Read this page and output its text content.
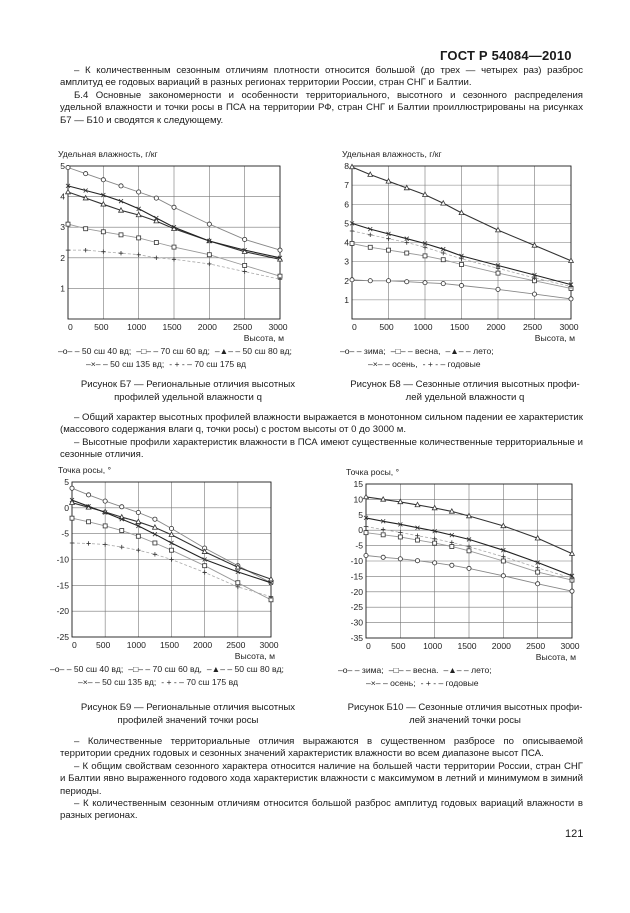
ГОСТ Р 54084—2010

– К количественным сезонным отличиям плотности относится большой (до трех — четырех раз) разброс амплитуд ее годовых вариаций в разных регионах территории России, стран СНГ и Балтии.

Б.4 Основные закономерности и особенности территориального, высотного и сезонного распределения удельной влажности и точки росы в ПСА на территории РФ, стран СНГ и Балтии проиллюстрированы на рисунках Б7 — Б10 и сводятся к следующему.

Удельная влажность, г/кг
1
2
3
4
5
0 500 1000 1500 2000 2500 3000
Высота, м
–о– – 50 сш 40 вд; –□– – 70 сш 60 вд; –▲– – 50 сш 80 вд;
–×– – 50 сш 135 вд; - + - – 70 сш 175 вд
Удельная влажность, г/кг
1
2
3
4
5
6
7
8
0	500 1000 1500 2000 2500 3000
Высота, м
–о– – зима; –□– – весна, –▲– – лето;
–×– – осень, - + - – годовые
Рисунок Б7 — Региональные отличия высотных
профилей удельной влажности q
Рисунок Б8 — Сезонные отличия высотных профи-
лей удельной влажности q

– Общий характер высотных профилей влажности выражается в монотонном сильном падении ее характеристик (массового содержания влаги q, точки росы) с ростом высоты от 0 до 3000 м.

– Высотные профили характеристик влажности в ПСА имеют существенные количественные территориальные и сезонные отличия.

Точка росы, °
-25
-20
-15
-10
-5
0
5
0 500 1000 1500 2000 2500 3000
Высота, м
–о– – 50 сш 40 вд; –□– – 70 сш 60 вд, –▲– – 50 сш 80 вд;
–×– – 50 сш 135 вд; - + - – 70 сш 175 вд
Точка росы, °
-35
-30
-25
-20
-15
-10
-5
0
5
10
15
0 500 1000 1500 2000 2500 3000
Высота, м
–о– – зима; –□– – весна. –▲– – лето;
–×– – осень; - + - – годовые
Рисунок Б9 — Региональные отличия высотных
профилей значений точки росы
Рисунок Б10 — Сезонные отличия высотных профи-
лей значений точки росы

– Количественные территориальные отличия выражаются в существенном разбросе по описываемой территории средних годовых и сезонных значений характеристик влажности во всем диапазоне высот ПСА.

– К общим свойствам сезонного характера относится наличие на большей части территории России, стран СНГ и Балтии явно выраженного годового хода характеристик влажности с максимумом в летний и минимумом в зимний периоды.

– К количественным сезонным отличиям относится большой разброс амплитуд годовых вариаций влажности в разных регионах.

121
